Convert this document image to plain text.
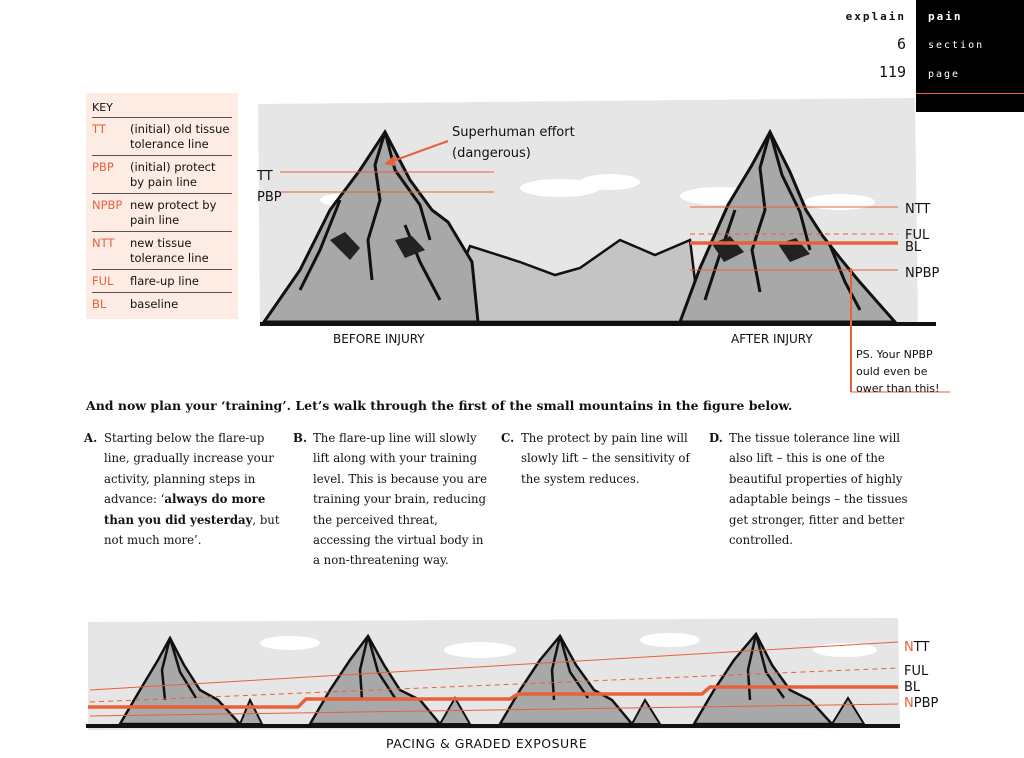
explain
6
119
pain
section
page
KEY
TT	(initial) old tissue tolerance line
PBP	(initial) protect by pain line
NPBP new protect by pain line
NTT	new tissue tolerance line
FUL	flare-up line
BL	baseline
TT
PBP
Superhuman effort
(dangerous)
NTT
FUL
BL
NPBP
BEFORE INJURY	AFTER INJURY
NTT
FUL
BL
NPBP
PS. Your NPBP
ould even be
ower than this!
And now plan your ‘training’. Let’s walk through the first of the small mountains in the figure below.
A. Starting below the flare-up line, gradually increase your activity, planning steps in advance: ‘always do more than you did yesterday, but not much more’.
B. The flare-up line will slowly lift along with your training level. This is because you are training your brain, reducing the perceived threat, accessing the virtual body in a non-threatening way.
C. The protect by pain line will slowly lift – the sensitivity of the system reduces.
D. The tissue tolerance line will also lift – this is one of the beautiful properties of highly adaptable beings – the tissues get stronger, fitter and better controlled.
PACING & GRADED EXPOSURE
